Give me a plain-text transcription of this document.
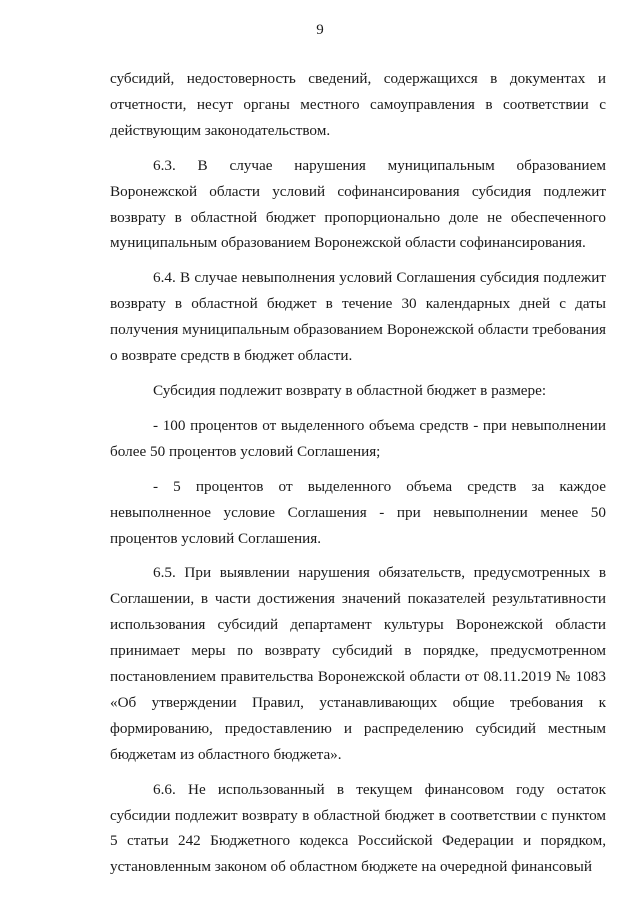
9

субсидий, недостоверность сведений, содержащихся в документах и отчетности, несут органы местного самоуправления в соответствии с действующим законодательством.

6.3. В случае нарушения муниципальным образованием Воронежской области условий софинансирования субсидия подлежит возврату в областной бюджет пропорционально доле не обеспеченного муниципальным образованием Воронежской области софинансирования.

6.4. В случае невыполнения условий Соглашения субсидия подлежит возврату в областной бюджет в течение 30 календарных дней с даты получения муниципальным образованием Воронежской области требования о возврате средств в бюджет области.

Субсидия подлежит возврату в областной бюджет в размере:

- 100 процентов от выделенного объема средств - при невыполнении более 50 процентов условий Соглашения;

- 5 процентов от выделенного объема средств за каждое невыполненное условие Соглашения - при невыполнении менее 50 процентов условий Соглашения.

6.5. При выявлении нарушения обязательств, предусмотренных в Соглашении, в части достижения значений показателей результативности использования субсидий департамент культуры Воронежской области принимает меры по возврату субсидий в порядке, предусмотренном постановлением правительства Воронежской области от 08.11.2019 № 1083 «Об утверждении Правил, устанавливающих общие требования к формированию, предоставлению и распределению субсидий местным бюджетам из областного бюджета».

6.6. Не использованный в текущем финансовом году остаток субсидии подлежит возврату в областной бюджет в соответствии с пунктом 5 статьи 242 Бюджетного кодекса Российской Федерации и порядком, установленным законом об областном бюджете на очередной финансовый
